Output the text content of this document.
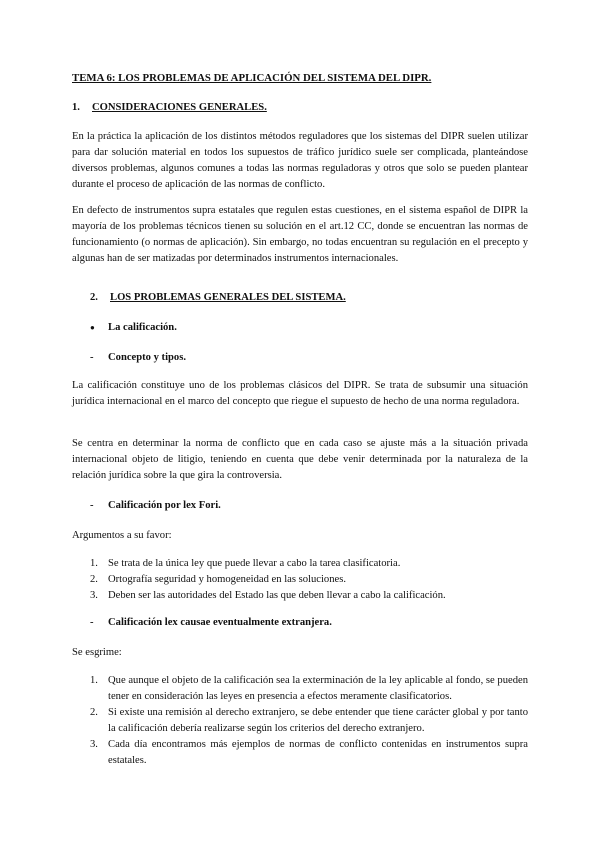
TEMA 6: LOS PROBLEMAS DE APLICACIÓN DEL SISTEMA DEL DIPR.
1. CONSIDERACIONES GENERALES.
En la práctica la aplicación de los distintos métodos reguladores que los sistemas del DIPR suelen utilizar para dar solución material en todos los supuestos de tráfico jurídico suele ser complicada, planteándose diversos problemas, algunos comunes a todas las normas reguladoras y otros que solo se pueden plantear durante el proceso de aplicación de las normas de conflicto.
En defecto de instrumentos supra estatales que regulen estas cuestiones, en el sistema español de DIPR la mayoría de los problemas técnicos tienen su solución en el art.12 CC, donde se encuentran las normas de funcionamiento (o normas de aplicación). Sin embargo, no todas encuentran su regulación en el precepto y algunas han de ser matizadas por determinados instrumentos internacionales.
2. LOS PROBLEMAS GENERALES DEL SISTEMA.
● La calificación.
- Concepto y tipos.
La calificación constituye uno de los problemas clásicos del DIPR. Se trata de subsumir una situación jurídica internacional en el marco del concepto que riegue el supuesto de hecho de una norma reguladora.
Se centra en determinar la norma de conflicto que en cada caso se ajuste más a la situación privada internacional objeto de litigio, teniendo en cuenta que debe venir determinada por la naturaleza de la relación jurídica sobre la que gira la controversia.
- Calificación por lex Fori.
Argumentos a su favor:
1. Se trata de la única ley que puede llevar a cabo la tarea clasificatoria.
2. Ortografía seguridad y homogeneidad en las soluciones.
3. Deben ser las autoridades del Estado las que deben llevar a cabo la calificación.
- Calificación lex causae eventualmente extranjera.
Se esgrime:
1. Que aunque el objeto de la calificación sea la exterminación de la ley aplicable al fondo, se pueden tener en consideración las leyes en presencia a efectos meramente clasificatorios.
2. Si existe una remisión al derecho extranjero, se debe entender que tiene carácter global y por tanto la calificación debería realizarse según los criterios del derecho extranjero.
3. Cada día encontramos más ejemplos de normas de conflicto contenidas en instrumentos supra estatales.
